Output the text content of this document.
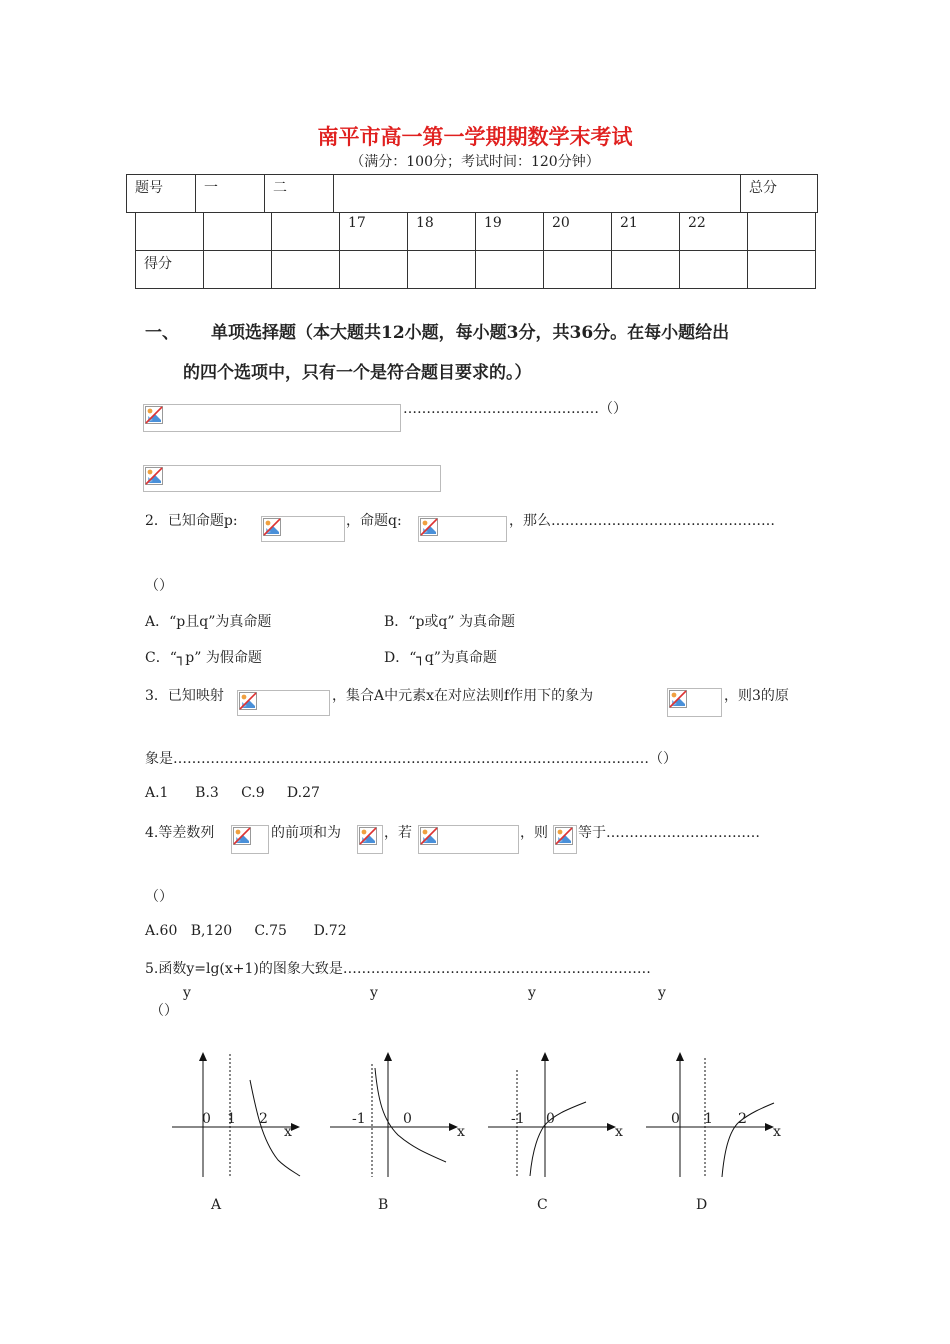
南平市高一第一学期期数学末考试
（满分：100分；考试时间：120分钟）
题号	一	二		总分
			17	18	19	20	21	22	
得分									
一、 单项选择题（本大题共12小题，每小题3分，共36分。在每小题给出
的四个选项中，只有一个是符合题目要求的。）
……………………………………（）
2．已知命题p:	，命题q:	，那么…………………………………………
（）
A．“p且q”为真命题	B．“p或q” 为真命题
C．“┐p” 为假命题	D．“┐q”为真命题
3．已知映射	，集合A中元素x在对应法则f作用下的象为	，则3的原
象是…………………………………………………………………………………………（）
A.1      B.3     C.9     D.27
4.等差数列	的前项和为	，若	，则 等于……………………………
（）
A.60   B,120     C.75      D.72
5.函数y=lg(x+1)的图象大致是…………………………………………………………
（）
y	y	y	y
0 1 2
x
A
-1	0
x
B
-1 0
x
C
0 1 2
x
D
